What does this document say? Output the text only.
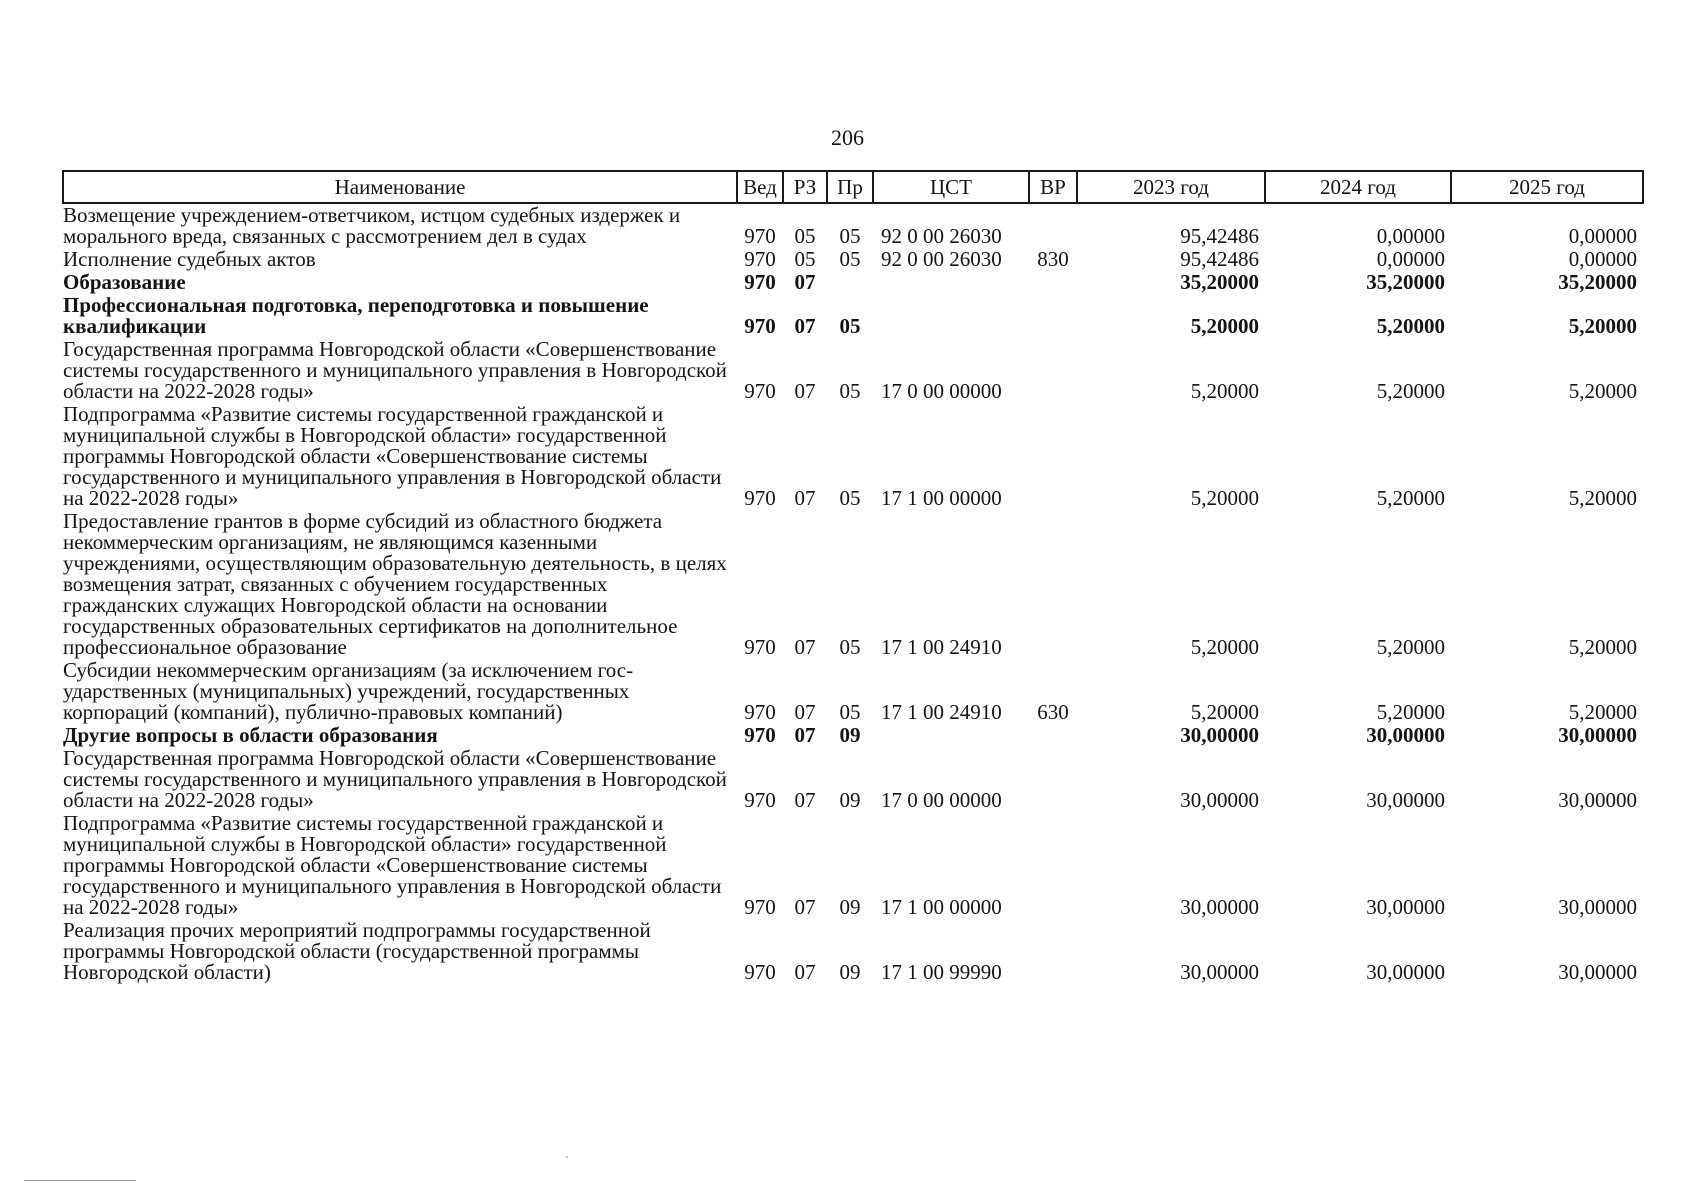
206
Наименование	Вед	РЗ	Пр	ЦСТ	ВР	2023 год	2024 год	2025 год
Возмещение учреждением-ответчиком, истцом судебных издержек и морального вреда, связанных с рассмотрением дел в судах	970	05	05	92 0 00 26030		95,42486	0,00000	0,00000
Исполнение судебных актов	970	05	05	92 0 00 26030	830	95,42486	0,00000	0,00000
Образование	970	07				35,20000	35,20000	35,20000
Профессиональная подготовка, переподготовка и повышение квалификации	970	07	05			5,20000	5,20000	5,20000
Государственная программа Новгородской области «Совершенствование системы государственного и муниципального управления в Новгородской области на 2022-2028 годы»	970	07	05	17 0 00 00000		5,20000	5,20000	5,20000
Подпрограмма «Развитие системы государственной гражданской и муниципальной службы в Новгородской области» государственной программы Новгородской области «Совершенствование системы государственного и муниципального управления в Новгородской области на 2022-2028 годы»	970	07	05	17 1 00 00000		5,20000	5,20000	5,20000
Предоставление грантов в форме субсидий из областного бюджета некоммерческим организациям, не являющимся казенными учреждениями, осуществляющим образовательную деятельность, в целях возмещения затрат, связанных с обучением государственных гражданских служащих Новгородской области на основании государственных образовательных сертификатов на дополнительное профессиональное образование	970	07	05	17 1 00 24910		5,20000	5,20000	5,20000
Субсидии некоммерческим организациям (за исключением государственных (муниципальных) учреждений, государственных корпораций (компаний), публично-правовых компаний)	970	07	05	17 1 00 24910	630	5,20000	5,20000	5,20000
Другие вопросы в области образования	970	07	09			30,00000	30,00000	30,00000
Государственная программа Новгородской области «Совершенствование системы государственного и муниципального управления в Новгородской области на 2022-2028 годы»	970	07	09	17 0 00 00000		30,00000	30,00000	30,00000
Подпрограмма «Развитие системы государственной гражданской и муниципальной службы в Новгородской области» государственной программы Новгородской области «Совершенствование системы государственного и муниципального управления в Новгородской области на 2022-2028 годы»	970	07	09	17 1 00 00000		30,00000	30,00000	30,00000
Реализация прочих мероприятий подпрограммы государственной программы Новгородской области (государственной программы Новгородской области)	970	07	09	17 1 00 99990		30,00000	30,00000	30,00000
